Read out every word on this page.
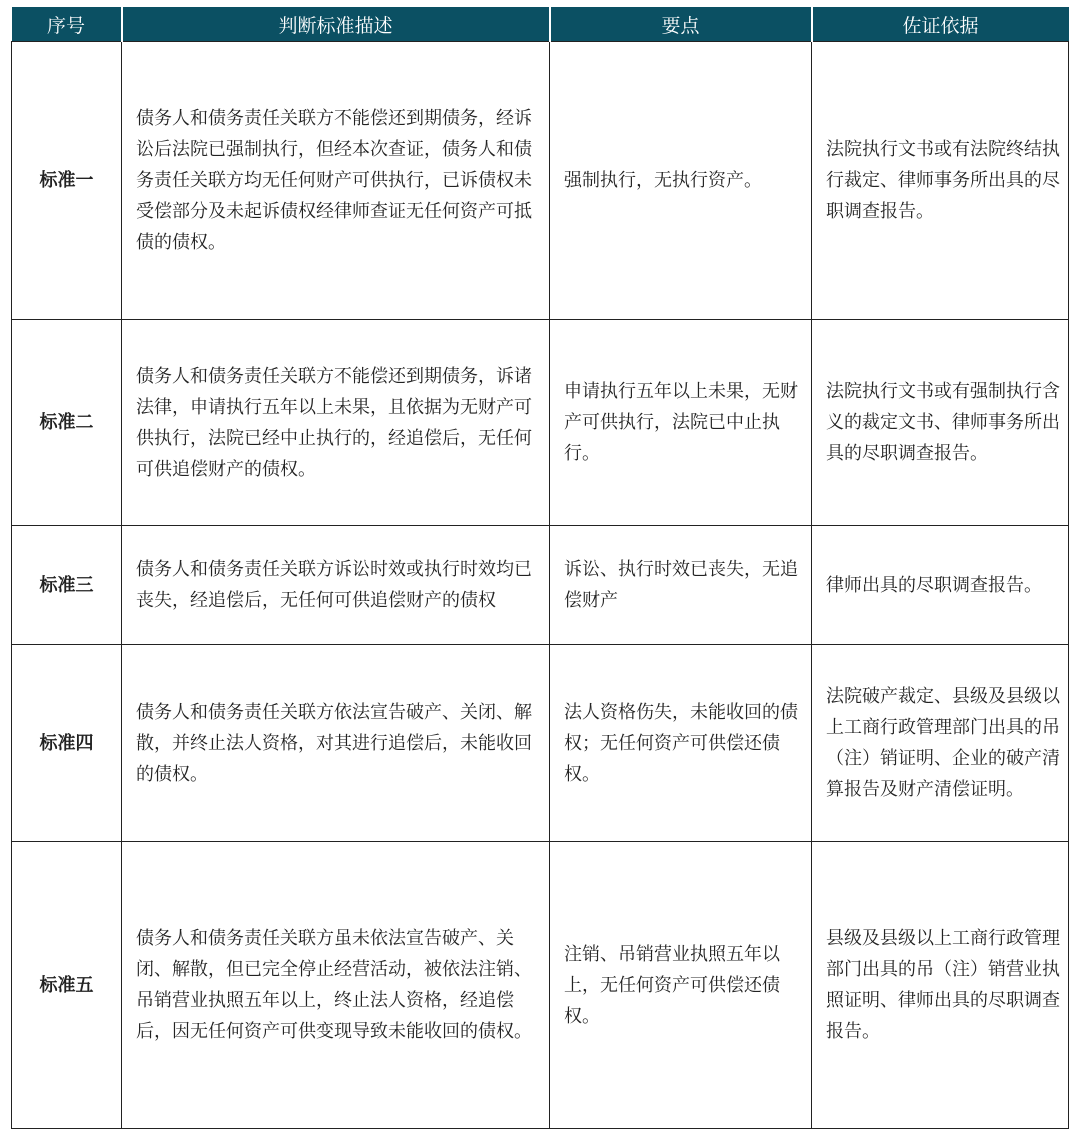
序号	判断标准描述	要点	佐证依据
标准一	债务人和债务责任关联方不能偿还到期债务，经诉讼后法院已强制执行，但经本次查证，债务人和债务责任关联方均无任何财产可供执行，已诉债权未受偿部分及未起诉债权经律师查证无任何资产可抵债的债权。	强制执行，无执行资产。	法院执行文书或有法院终结执行裁定、律师事务所出具的尽职调查报告。
标准二	债务人和债务责任关联方不能偿还到期债务，诉诸法律，申请执行五年以上未果，且依据为无财产可供执行，法院已经中止执行的，经追偿后，无任何可供追偿财产的债权。	申请执行五年以上未果，无财产可供执行，法院已中止执行。	法院执行文书或有强制执行含义的裁定文书、律师事务所出具的尽职调查报告。
标准三	债务人和债务责任关联方诉讼时效或执行时效均已丧失，经追偿后，无任何可供追偿财产的债权	诉讼、执行时效已丧失，无追偿财产	律师出具的尽职调查报告。
标准四	债务人和债务责任关联方依法宣告破产、关闭、解散，并终止法人资格，对其进行追偿后，未能收回的债权。	法人资格伤失，未能收回的债权；无任何资产可供偿还债权。	法院破产裁定、县级及县级以上工商行政管理部门出具的吊（注）销证明、企业的破产清算报告及财产清偿证明。
标准五	债务人和债务责任关联方虽未依法宣告破产、关闭、解散，但已完全停止经营活动，被依法注销、吊销营业执照五年以上，终止法人资格，经追偿后，因无任何资产可供变现导致未能收回的债权。	注销、吊销营业执照五年以上，无任何资产可供偿还债权。	县级及县级以上工商行政管理部门出具的吊（注）销营业执照证明、律师出具的尽职调查报告。
